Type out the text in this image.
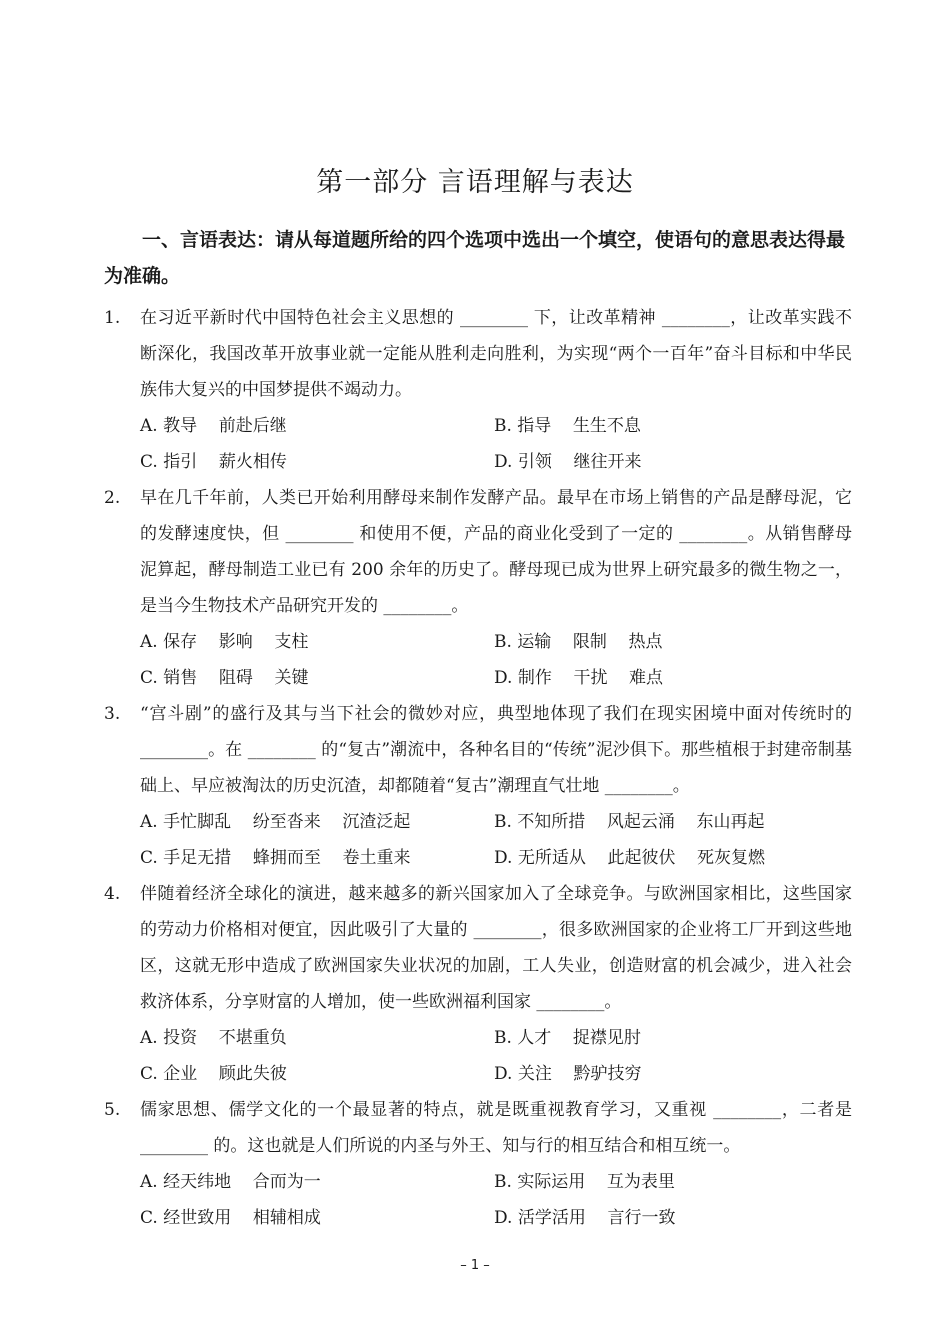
第一部分 言语理解与表达
一、言语表达：请从每道题所给的四个选项中选出一个填空，使语句的意思表达得最为准确。
1.	在习近平新时代中国特色社会主义思想的 ________ 下，让改革精神 ________，让改革实践不断深化，我国改革开放事业就一定能从胜利走向胜利，为实现“两个一百年”奋斗目标和中华民族伟大复兴的中国梦提供不竭动力。
A. 教导    前赴后继	B. 指导    生生不息
C. 指引    薪火相传	D. 引领    继往开来
2.	早在几千年前，人类已开始利用酵母来制作发酵产品。最早在市场上销售的产品是酵母泥，它的发酵速度快，但 ________ 和使用不便，产品的商业化受到了一定的 ________。从销售酵母泥算起，酵母制造工业已有 200 余年的历史了。酵母现已成为世界上研究最多的微生物之一，是当今生物技术产品研究开发的 ________。
A. 保存    影响    支柱	B. 运输    限制    热点
C. 销售    阻碍    关键	D. 制作    干扰    难点
3.	“宫斗剧”的盛行及其与当下社会的微妙对应，典型地体现了我们在现实困境中面对传统时的 ________。在 ________ 的“复古”潮流中，各种名目的“传统”泥沙俱下。那些植根于封建帝制基础上、早应被淘汰的历史沉渣，却都随着“复古”潮理直气壮地 ________。
A. 手忙脚乱    纷至沓来    沉渣泛起	B. 不知所措    风起云涌    东山再起
C. 手足无措    蜂拥而至    卷土重来	D. 无所适从    此起彼伏    死灰复燃
4.	伴随着经济全球化的演进，越来越多的新兴国家加入了全球竞争。与欧洲国家相比，这些国家的劳动力价格相对便宜，因此吸引了大量的 ________，很多欧洲国家的企业将工厂开到这些地区，这就无形中造成了欧洲国家失业状况的加剧，工人失业，创造财富的机会减少，进入社会救济体系，分享财富的人增加，使一些欧洲福利国家 ________。
A. 投资    不堪重负	B. 人才    捉襟见肘
C. 企业    顾此失彼	D. 关注    黔驴技穷
5.	儒家思想、儒学文化的一个最显著的特点，就是既重视教育学习，又重视 ________，二者是 ________ 的。这也就是人们所说的内圣与外王、知与行的相互结合和相互统一。
A. 经天纬地    合而为一	B. 实际运用    互为表里
C. 经世致用    相辅相成	D. 活学活用    言行一致
– 1 –
